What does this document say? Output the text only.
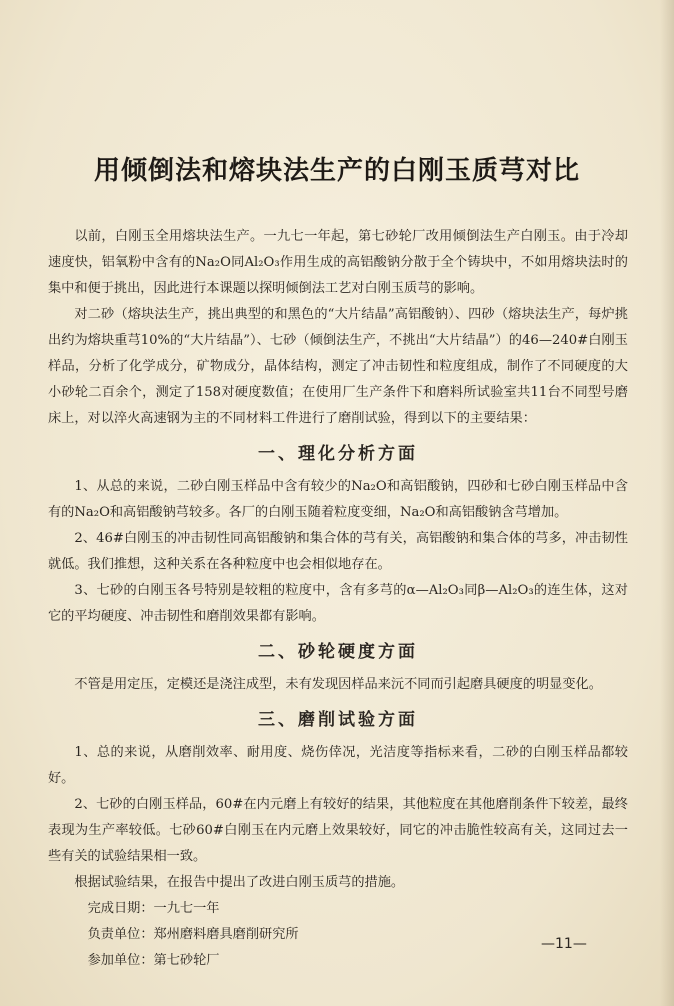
用倾倒法和熔块法生产的白刚玉质芎对比

以前，白刚玉全用熔块法生产。一九七一年起，第七砂轮厂改用倾倒法生产白刚玉。由于冷却速度快，铝氧粉中含有的Na₂O同Al₂O₃作用生成的高铝酸钠分散于全个铸块中，不如用熔块法时的集中和便于挑出，因此进行本课题以探明倾倒法工艺对白刚玉质芎的影响。

对二砂（熔块法生产，挑出典型的和黑色的“大片结晶”高铝酸钠）、四砂（熔块法生产，每炉挑出约为熔块重芎10%的“大片结晶”）、七砂（倾倒法生产，不挑出“大片结晶”）的46—240#白刚玉样品，分析了化学成分，矿物成分，晶体结构，测定了冲击韧性和粒度组成，制作了不同硬度的大小砂轮二百余个，测定了158对硬度数值；在使用厂生产条件下和磨料所试验室共11台不同型号磨床上，对以淬火高速钢为主的不同材料工件进行了磨削试验，得到以下的主要结果：

一、理化分析方面

1、从总的来说，二砂白刚玉样品中含有较少的Na₂O和高铝酸钠，四砂和七砂白刚玉样品中含有的Na₂O和高铝酸钠芎较多。各厂的白刚玉随着粒度变细，Na₂O和高铝酸钠含芎增加。

2、46#白刚玉的冲击韧性同高铝酸钠和集合体的芎有关，高铝酸钠和集合体的芎多，冲击韧性就低。我们推想，这种关系在各种粒度中也会相似地存在。

3、七砂的白刚玉各号特别是较粗的粒度中，含有多芎的α—Al₂O₃同β—Al₂O₃的连生体，这对它的平均硬度、冲击韧性和磨削效果都有影响。

二、砂轮硬度方面

不管是用定压，定模还是浇注成型，未有发现因样品来沅不同而引起磨具硬度的明显变化。

三、磨削试验方面

1、总的来说，从磨削效率、耐用度、烧伤倖况，光洁度等指标来看，二砂的白刚玉样品都较好。

2、七砂的白刚玉样品，60#在内元磨上有较好的结果，其他粒度在其他磨削条件下较差，最终表现为生产率较低。七砂60#白刚玉在内元磨上效果较好，同它的冲击脆性较高有关，这同过去一些有关的试验结果相一致。

根据试验结果，在报告中提出了改进白刚玉质芎的措施。

完成日期：一九七一年

负责单位：郑州磨料磨具磨削研究所

参加单位：第七砂轮厂

—11—
